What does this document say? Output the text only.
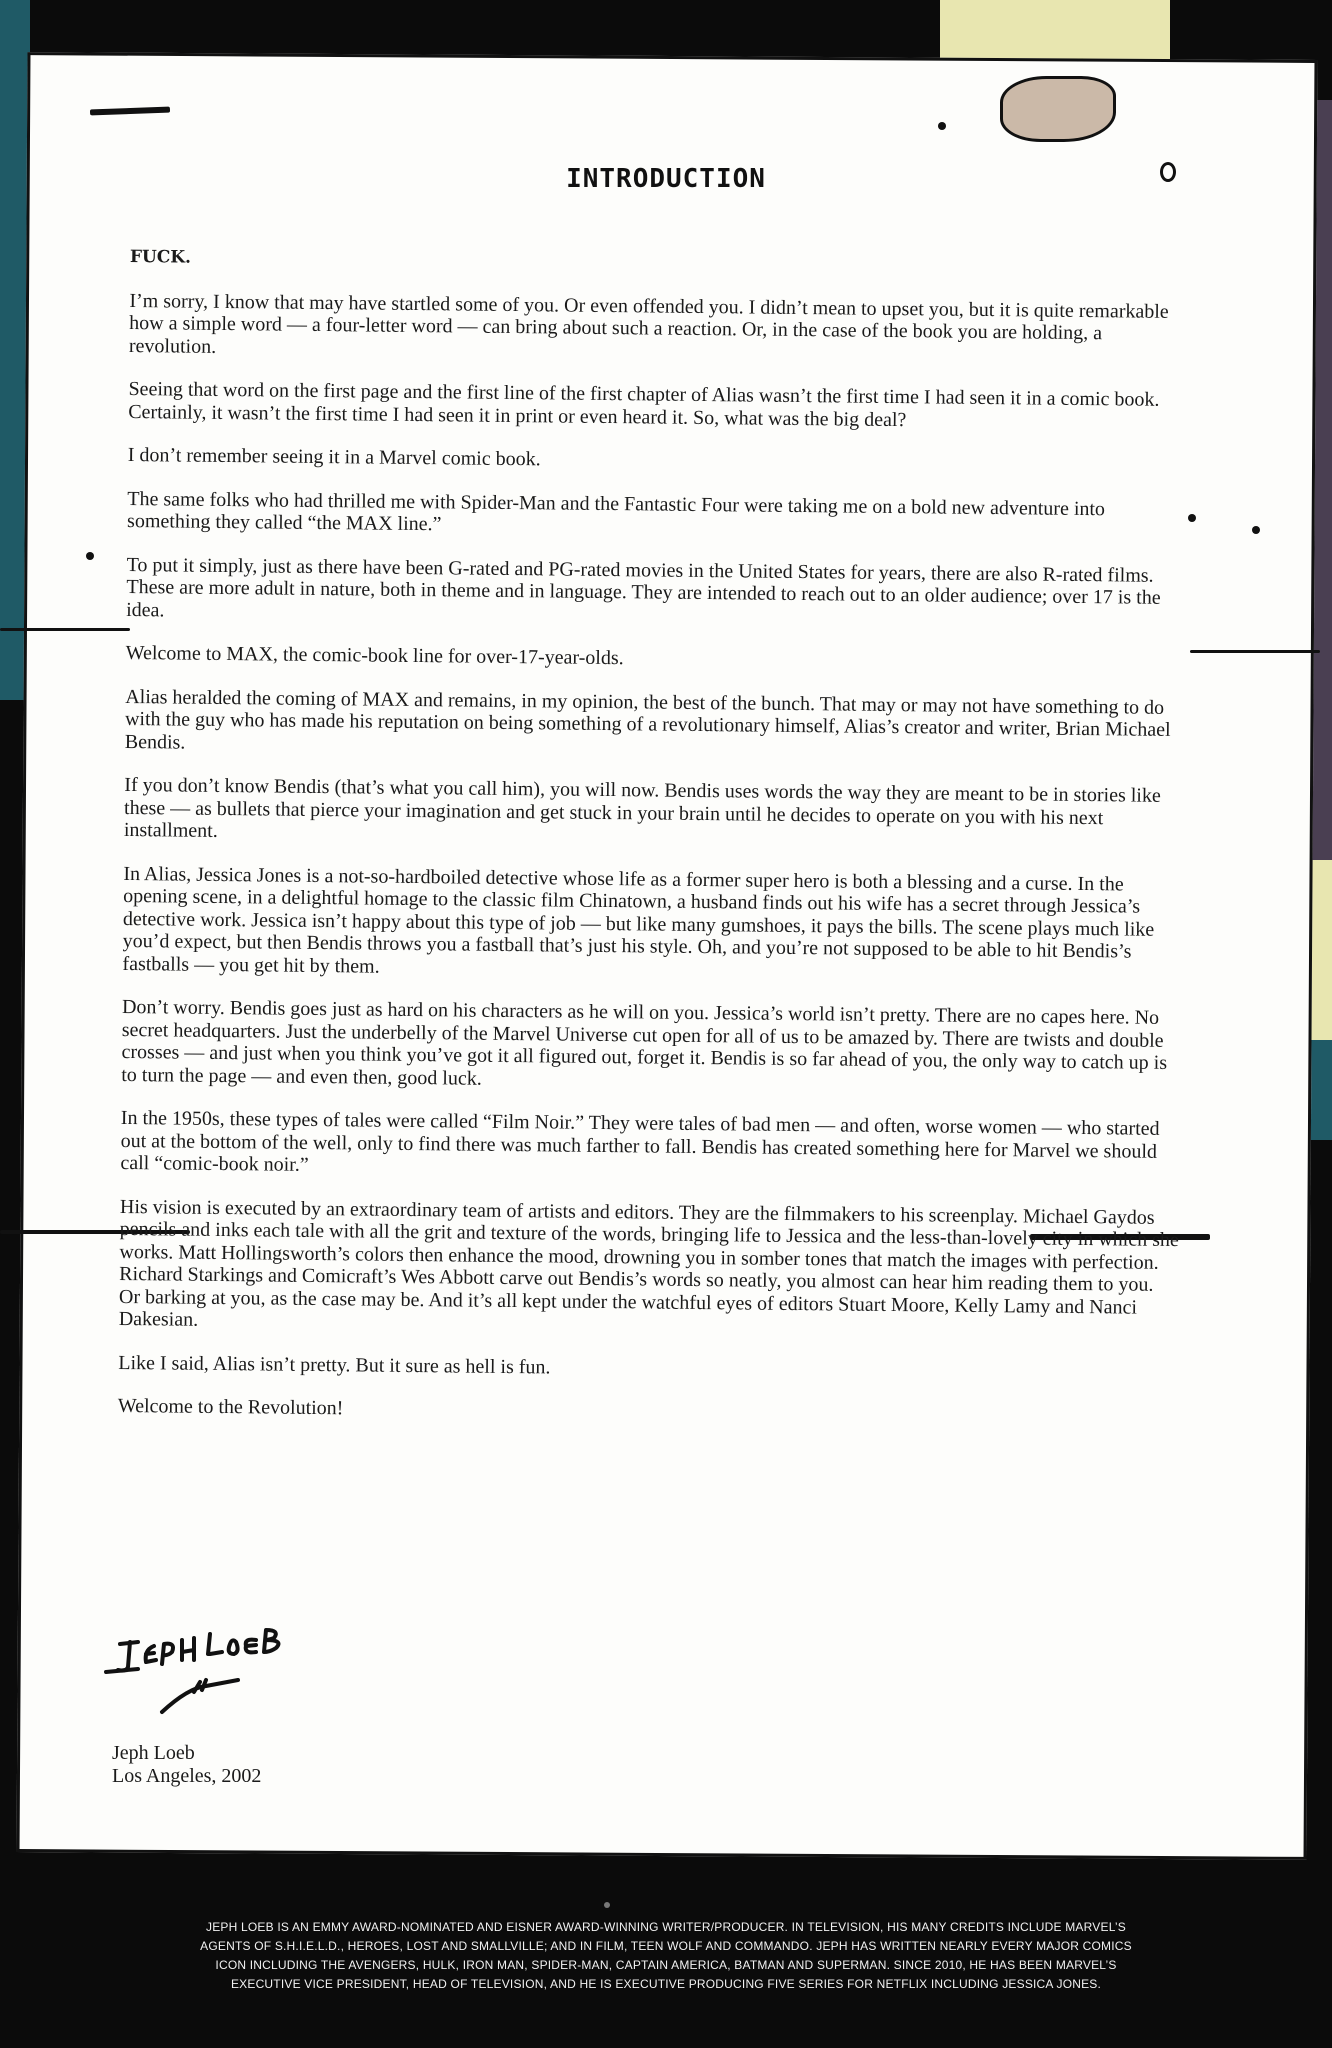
INTRODUCTION

FUCK.

I’m sorry, I know that may have startled some of you. Or even offended you. I didn’t mean to upset you, but it is quite remarkable how a simple word — a four-letter word — can bring about such a reaction. Or, in the case of the book you are holding, a revolution.

Seeing that word on the first page and the first line of the first chapter of Alias wasn’t the first time I had seen it in a comic book. Certainly, it wasn’t the first time I had seen it in print or even heard it. So, what was the big deal?

I don’t remember seeing it in a Marvel comic book.

The same folks who had thrilled me with Spider-Man and the Fantastic Four were taking me on a bold new adventure into something they called “the MAX line.”

To put it simply, just as there have been G-rated and PG-rated movies in the United States for years, there are also R-rated films. These are more adult in nature, both in theme and in language. They are intended to reach out to an older audience; over 17 is the idea.

Welcome to MAX, the comic-book line for over-17-year-olds.

Alias heralded the coming of MAX and remains, in my opinion, the best of the bunch. That may or may not have something to do with the guy who has made his reputation on being something of a revolutionary himself, Alias’s creator and writer, Brian Michael Bendis.

If you don’t know Bendis (that’s what you call him), you will now. Bendis uses words the way they are meant to be in stories like these — as bullets that pierce your imagination and get stuck in your brain until he decides to operate on you with his next installment.

In Alias, Jessica Jones is a not-so-hardboiled detective whose life as a former super hero is both a blessing and a curse. In the opening scene, in a delightful homage to the classic film Chinatown, a husband finds out his wife has a secret through Jessica’s detective work. Jessica isn’t happy about this type of job — but like many gumshoes, it pays the bills. The scene plays much like you’d expect, but then Bendis throws you a fastball that’s just his style. Oh, and you’re not supposed to be able to hit Bendis’s fastballs — you get hit by them.

Don’t worry. Bendis goes just as hard on his characters as he will on you. Jessica’s world isn’t pretty. There are no capes here. No secret headquarters. Just the underbelly of the Marvel Universe cut open for all of us to be amazed by. There are twists and double crosses — and just when you think you’ve got it all figured out, forget it. Bendis is so far ahead of you, the only way to catch up is to turn the page — and even then, good luck.

In the 1950s, these types of tales were called “Film Noir.” They were tales of bad men — and often, worse women — who started out at the bottom of the well, only to find there was much farther to fall. Bendis has created something here for Marvel we should call “comic-book noir.”

His vision is executed by an extraordinary team of artists and editors. They are the filmmakers to his screenplay. Michael Gaydos pencils and inks each tale with all the grit and texture of the words, bringing life to Jessica and the less-than-lovely city in which she works. Matt Hollingsworth’s colors then enhance the mood, drowning you in somber tones that match the images with perfection. Richard Starkings and Comicraft’s Wes Abbott carve out Bendis’s words so neatly, you almost can hear him reading them to you. Or barking at you, as the case may be. And it’s all kept under the watchful eyes of editors Stuart Moore, Kelly Lamy and Nanci Dakesian.

Like I said, Alias isn’t pretty. But it sure as hell is fun.

Welcome to the Revolution!

Jeph Loeb
Los Angeles, 2002
JEPH LOEB IS AN EMMY AWARD-NOMINATED AND EISNER AWARD-WINNING WRITER/PRODUCER. IN TELEVISION, HIS MANY CREDITS INCLUDE MARVEL’S
AGENTS OF S.H.I.E.L.D., HEROES, LOST AND SMALLVILLE; AND IN FILM, TEEN WOLF AND COMMANDO. JEPH HAS WRITTEN NEARLY EVERY MAJOR COMICS
ICON INCLUDING THE AVENGERS, HULK, IRON MAN, SPIDER-MAN, CAPTAIN AMERICA, BATMAN AND SUPERMAN. SINCE 2010, HE HAS BEEN MARVEL’S
EXECUTIVE VICE PRESIDENT, HEAD OF TELEVISION, AND HE IS EXECUTIVE PRODUCING FIVE SERIES FOR NETFLIX INCLUDING JESSICA JONES.
